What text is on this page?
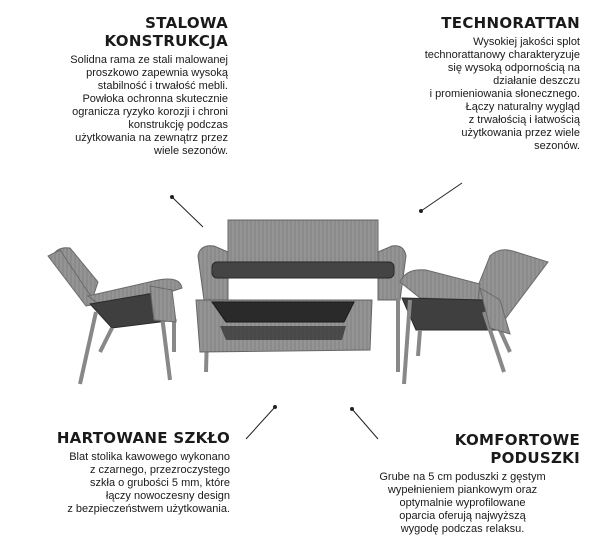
STALOWA
KONSTRUKCJA
Solidna rama ze stali malowanej
proszkowo zapewnia wysoką
stabilność i trwałość mebli.
Powłoka ochronna skutecznie
ogranicza ryzyko korozji i chroni
konstrukcję podczas
użytkowania na zewnątrz przez
wiele sezonów.
TECHNORATTAN
Wysokiej jakości splot
technorattanowy charakteryzuje
się wysoką odpornością na
działanie deszczu
i promieniowania słonecznego.
Łączy naturalny wygląd
z trwałością i łatwością
użytkowania przez wiele
sezonów.
HARTOWANE SZKŁO
Blat stolika kawowego wykonano
z czarnego, przezroczystego
szkła o grubości 5 mm, które
łączy nowoczesny design
z bezpieczeństwem użytkowania.
KOMFORTOWE
PODUSZKI
Grube na 5 cm poduszki z gęstym
wypełnieniem piankowym oraz
optymalnie wyprofilowane
oparcia oferują najwyższą
wygodę podczas relaksu.
